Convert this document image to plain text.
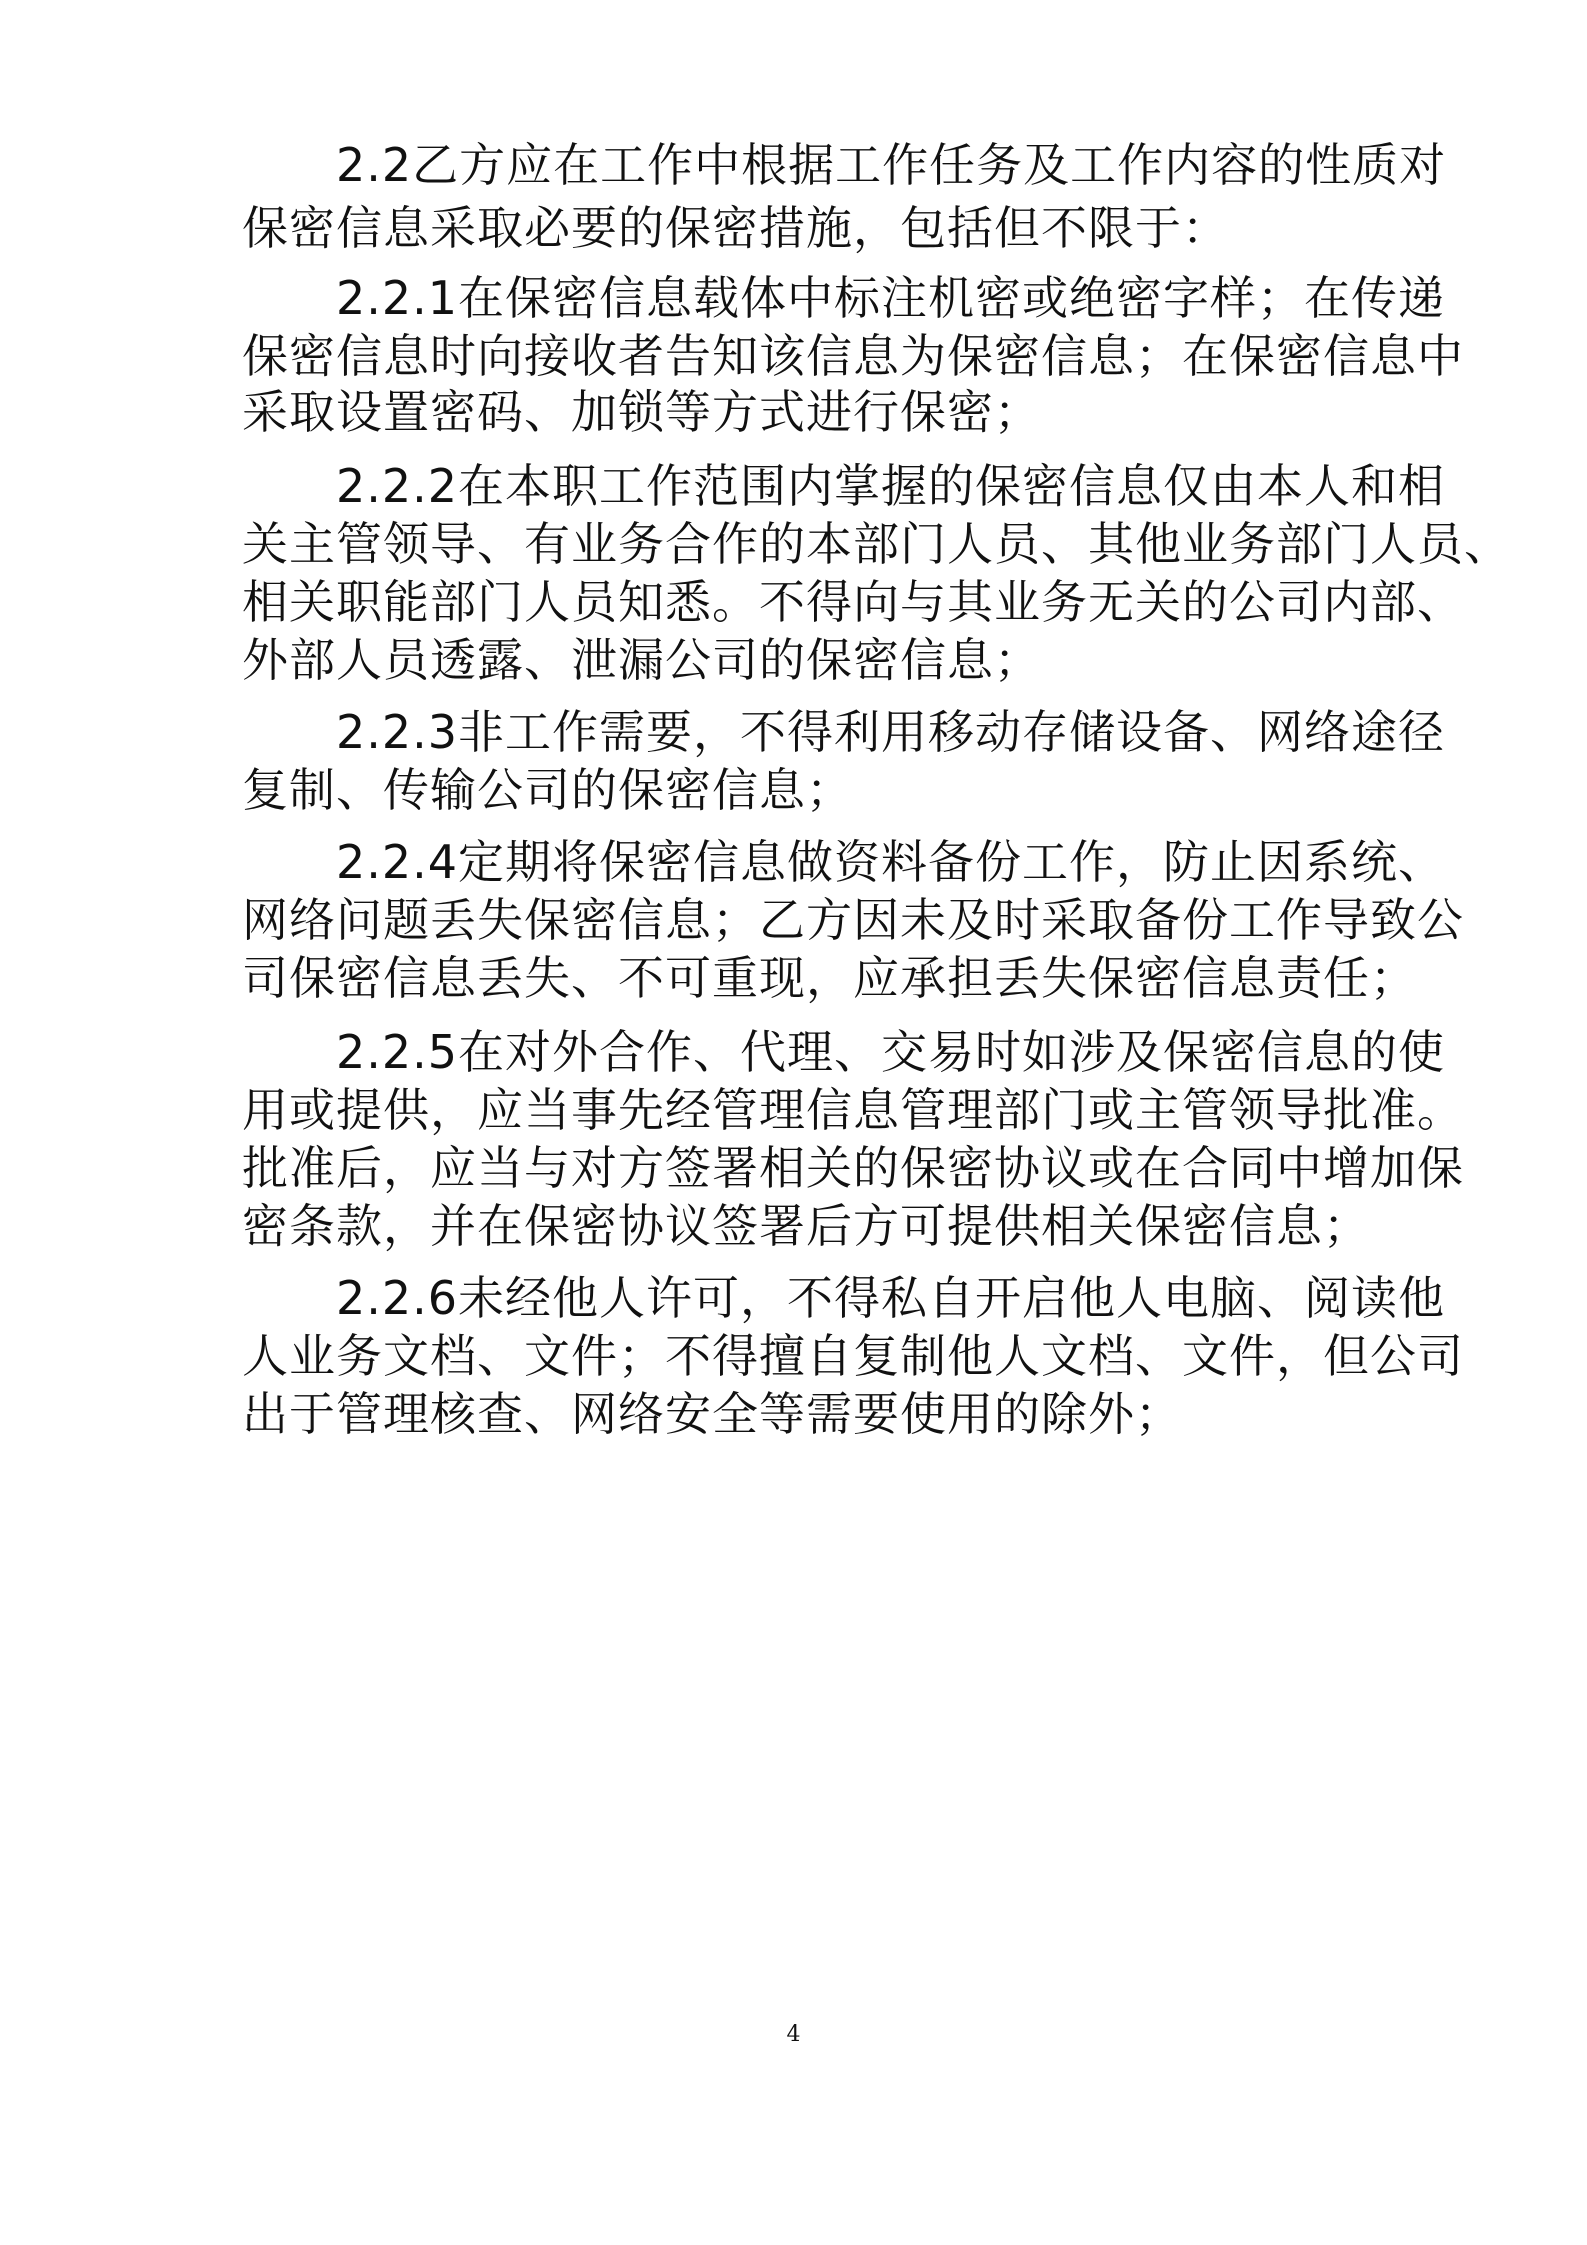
　　2.2乙方应在工作中根据工作任务及工作内容的性质对

保密信息采取必要的保密措施，包括但不限于：

　　2.2.1在保密信息载体中标注机密或绝密字样；在传递

保密信息时向接收者告知该信息为保密信息；在保密信息中

采取设置密码、加锁等方式进行保密；

　　2.2.2在本职工作范围内掌握的保密信息仅由本人和相

关主管领导、有业务合作的本部门人员、其他业务部门人员、

相关职能部门人员知悉。不得向与其业务无关的公司内部、

外部人员透露、泄漏公司的保密信息；

　　2.2.3非工作需要，不得利用移动存储设备、网络途径

复制、传输公司的保密信息；

　　2.2.4定期将保密信息做资料备份工作，防止因系统、

网络问题丢失保密信息；乙方因未及时采取备份工作导致公

司保密信息丢失、不可重现，应承担丢失保密信息责任；

　　2.2.5在对外合作、代理、交易时如涉及保密信息的使

用或提供，应当事先经管理信息管理部门或主管领导批准。

批准后，应当与对方签署相关的保密协议或在合同中增加保

密条款，并在保密协议签署后方可提供相关保密信息；

　　2.2.6未经他人许可，不得私自开启他人电脑、阅读他

人业务文档、文件；不得擅自复制他人文档、文件，但公司

出于管理核查、网络安全等需要使用的除外；

4
